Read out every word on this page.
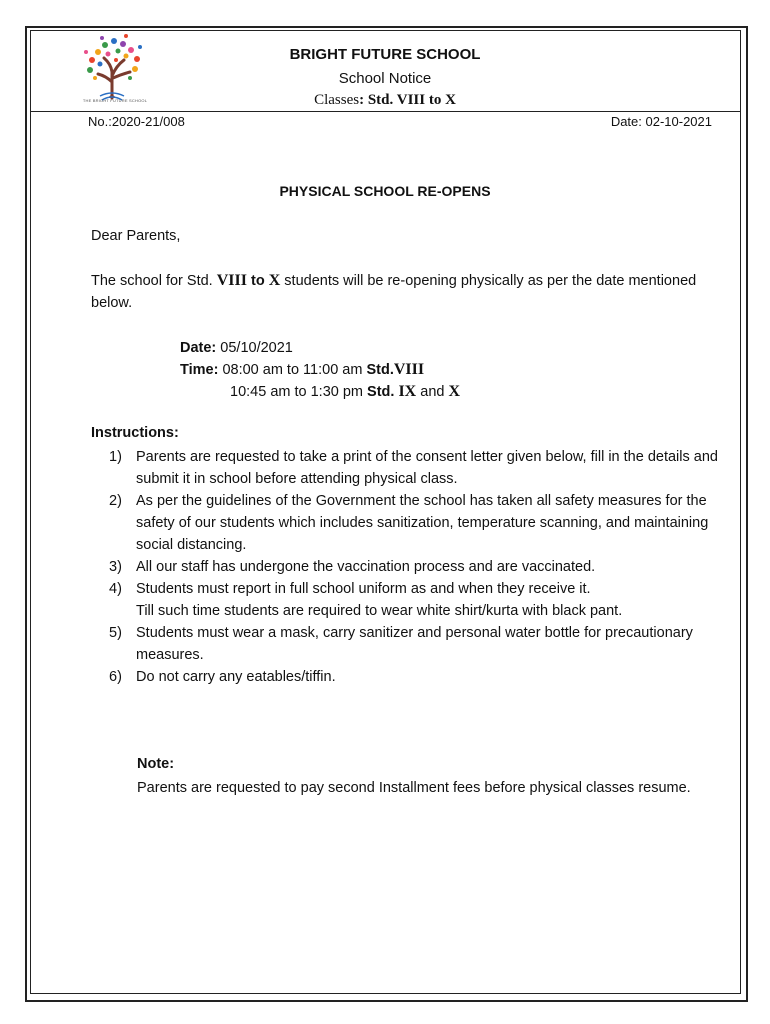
THE BRIGHT FUTURE SCHOOL
BRIGHT FUTURE SCHOOL
School Notice
Classes: Std. VIII to X
No.:2020-21/008	Date: 02-10-2021
PHYSICAL SCHOOL RE-OPENS
Dear Parents,
The school for Std. VIII to X students will be re-opening physically as per the date mentioned below.
Date: 05/10/2021
Time: 08:00 am to 11:00 am Std.VIII
10:45 am to 1:30 pm Std. IX and X
Instructions:
1) Parents are requested to take a print of the consent letter given below, fill in the details and submit it in school before attending physical class.
2) As per the guidelines of the Government the school has taken all safety measures for the safety of our students which includes sanitization, temperature scanning, and maintaining social distancing.
3) All our staff has undergone the vaccination process and are vaccinated.
4) Students must report in full school uniform as and when they receive it.
Till such time students are required to wear white shirt/kurta with black pant.
5) Students must wear a mask, carry sanitizer and personal water bottle for precautionary measures.
6) Do not carry any eatables/tiffin.
Note:
Parents are requested to pay second Installment fees before physical classes resume.
